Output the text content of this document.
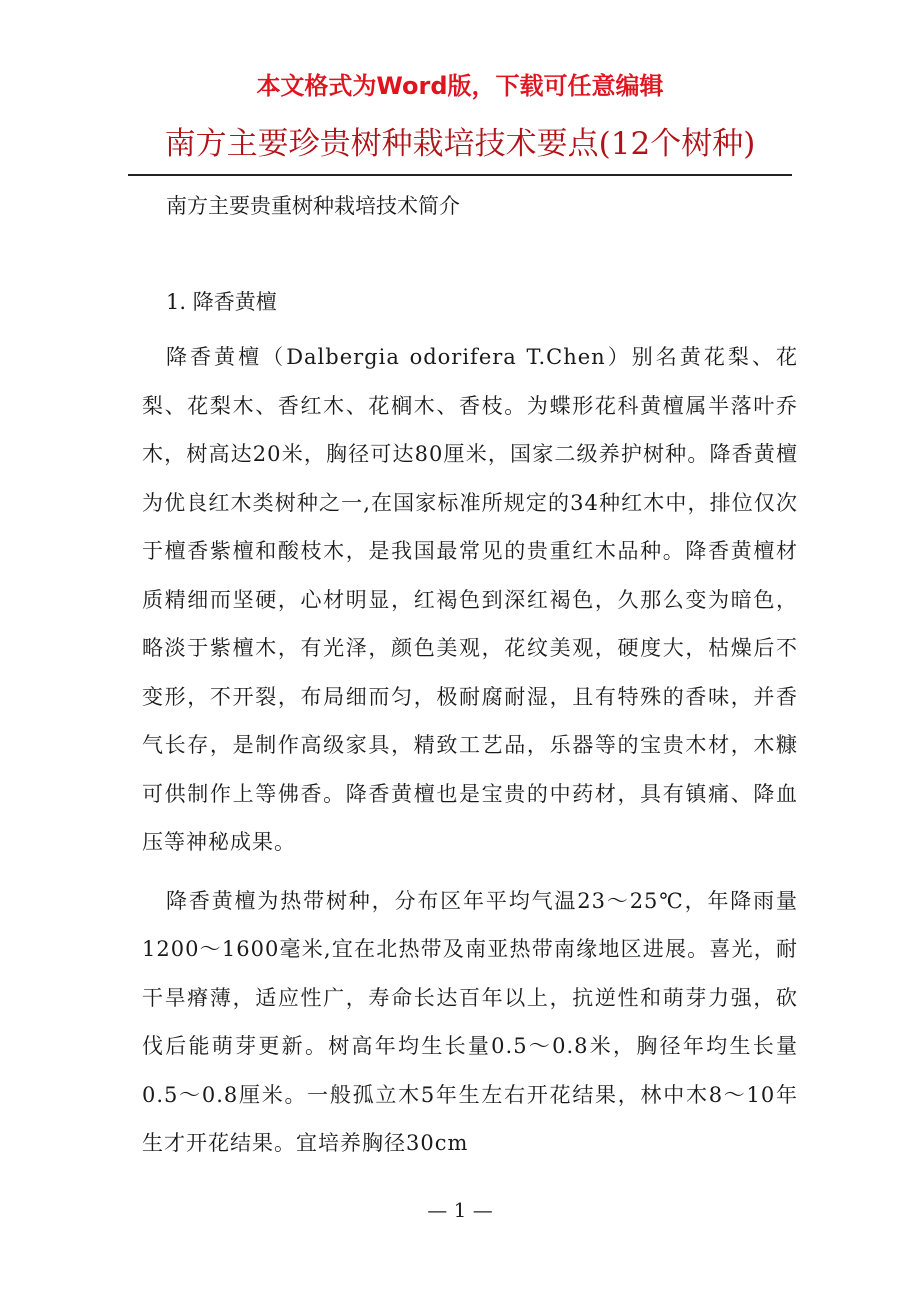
本文格式为Word版，下载可任意编辑
南方主要珍贵树种栽培技术要点(12个树种)
南方主要贵重树种栽培技术简介
1. 降香黄檀

降香黄檀（Dalbergia odorifera T.Chen）别名黄花梨、花梨、花梨木、香红木、花榈木、香枝。为蝶形花科黄檀属半落叶乔木，树高达20米，胸径可达80厘米，国家二级养护树种。降香黄檀为优良红木类树种之一,在国家标准所规定的34种红木中，排位仅次于檀香紫檀和酸枝木，是我国最常见的贵重红木品种。降香黄檀材质精细而坚硬，心材明显，红褐色到深红褐色，久那么变为暗色，略淡于紫檀木，有光泽，颜色美观，花纹美观，硬度大，枯燥后不变形，不开裂，布局细而匀，极耐腐耐湿，且有特殊的香味，并香气长存，是制作高级家具，精致工艺品，乐器等的宝贵木材，木糠可供制作上等佛香。降香黄檀也是宝贵的中药材，具有镇痛、降血压等神秘成果。

降香黄檀为热带树种，分布区年平均气温23～25℃，年降雨量1200～1600毫米,宜在北热带及南亚热带南缘地区进展。喜光，耐干旱瘠薄，适应性广，寿命长达百年以上，抗逆性和萌芽力强，砍伐后能萌芽更新。树高年均生长量0.5～0.8米，胸径年均生长量0.5～0.8厘米。一般孤立木5年生左右开花结果，林中木8～10年生才开花结果。宜培养胸径30cm

— 1 —
